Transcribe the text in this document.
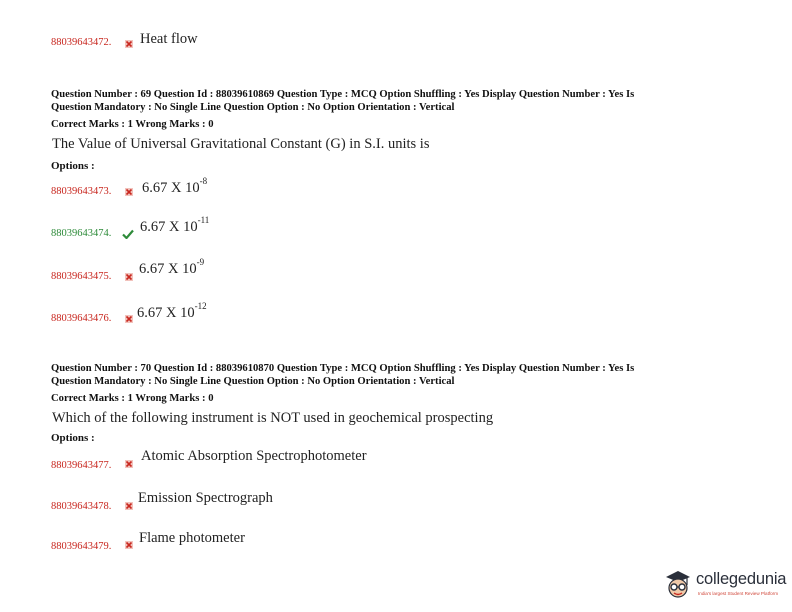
88039643472. Heat flow
Question Number : 69 Question Id : 88039610869 Question Type : MCQ Option Shuffling : Yes Display Question Number : Yes Is
Question Mandatory : No Single Line Question Option : No Option Orientation : Vertical
Correct Marks : 1 Wrong Marks : 0
The Value of Universal Gravitational Constant (G) in S.I. units is
Options :
88039643473. 6.67 X $10^{-8}$
88039643474. 6.67 X $10^{-11}$
88039643475. 6.67 X $10^{-9}$
88039643476. 6.67 X $10^{-12}$
Question Number : 70 Question Id : 88039610870 Question Type : MCQ Option Shuffling : Yes Display Question Number : Yes Is
Question Mandatory : No Single Line Question Option : No Option Orientation : Vertical
Correct Marks : 1 Wrong Marks : 0
Which of the following instrument is NOT used in geochemical prospecting
Options :
88039643477.
Atomic Absorption Spectrophotometer
88039643478.
Emission Spectrograph
88039643479.
Flame photometer
collegedunia
India's largest Student Review Platform
